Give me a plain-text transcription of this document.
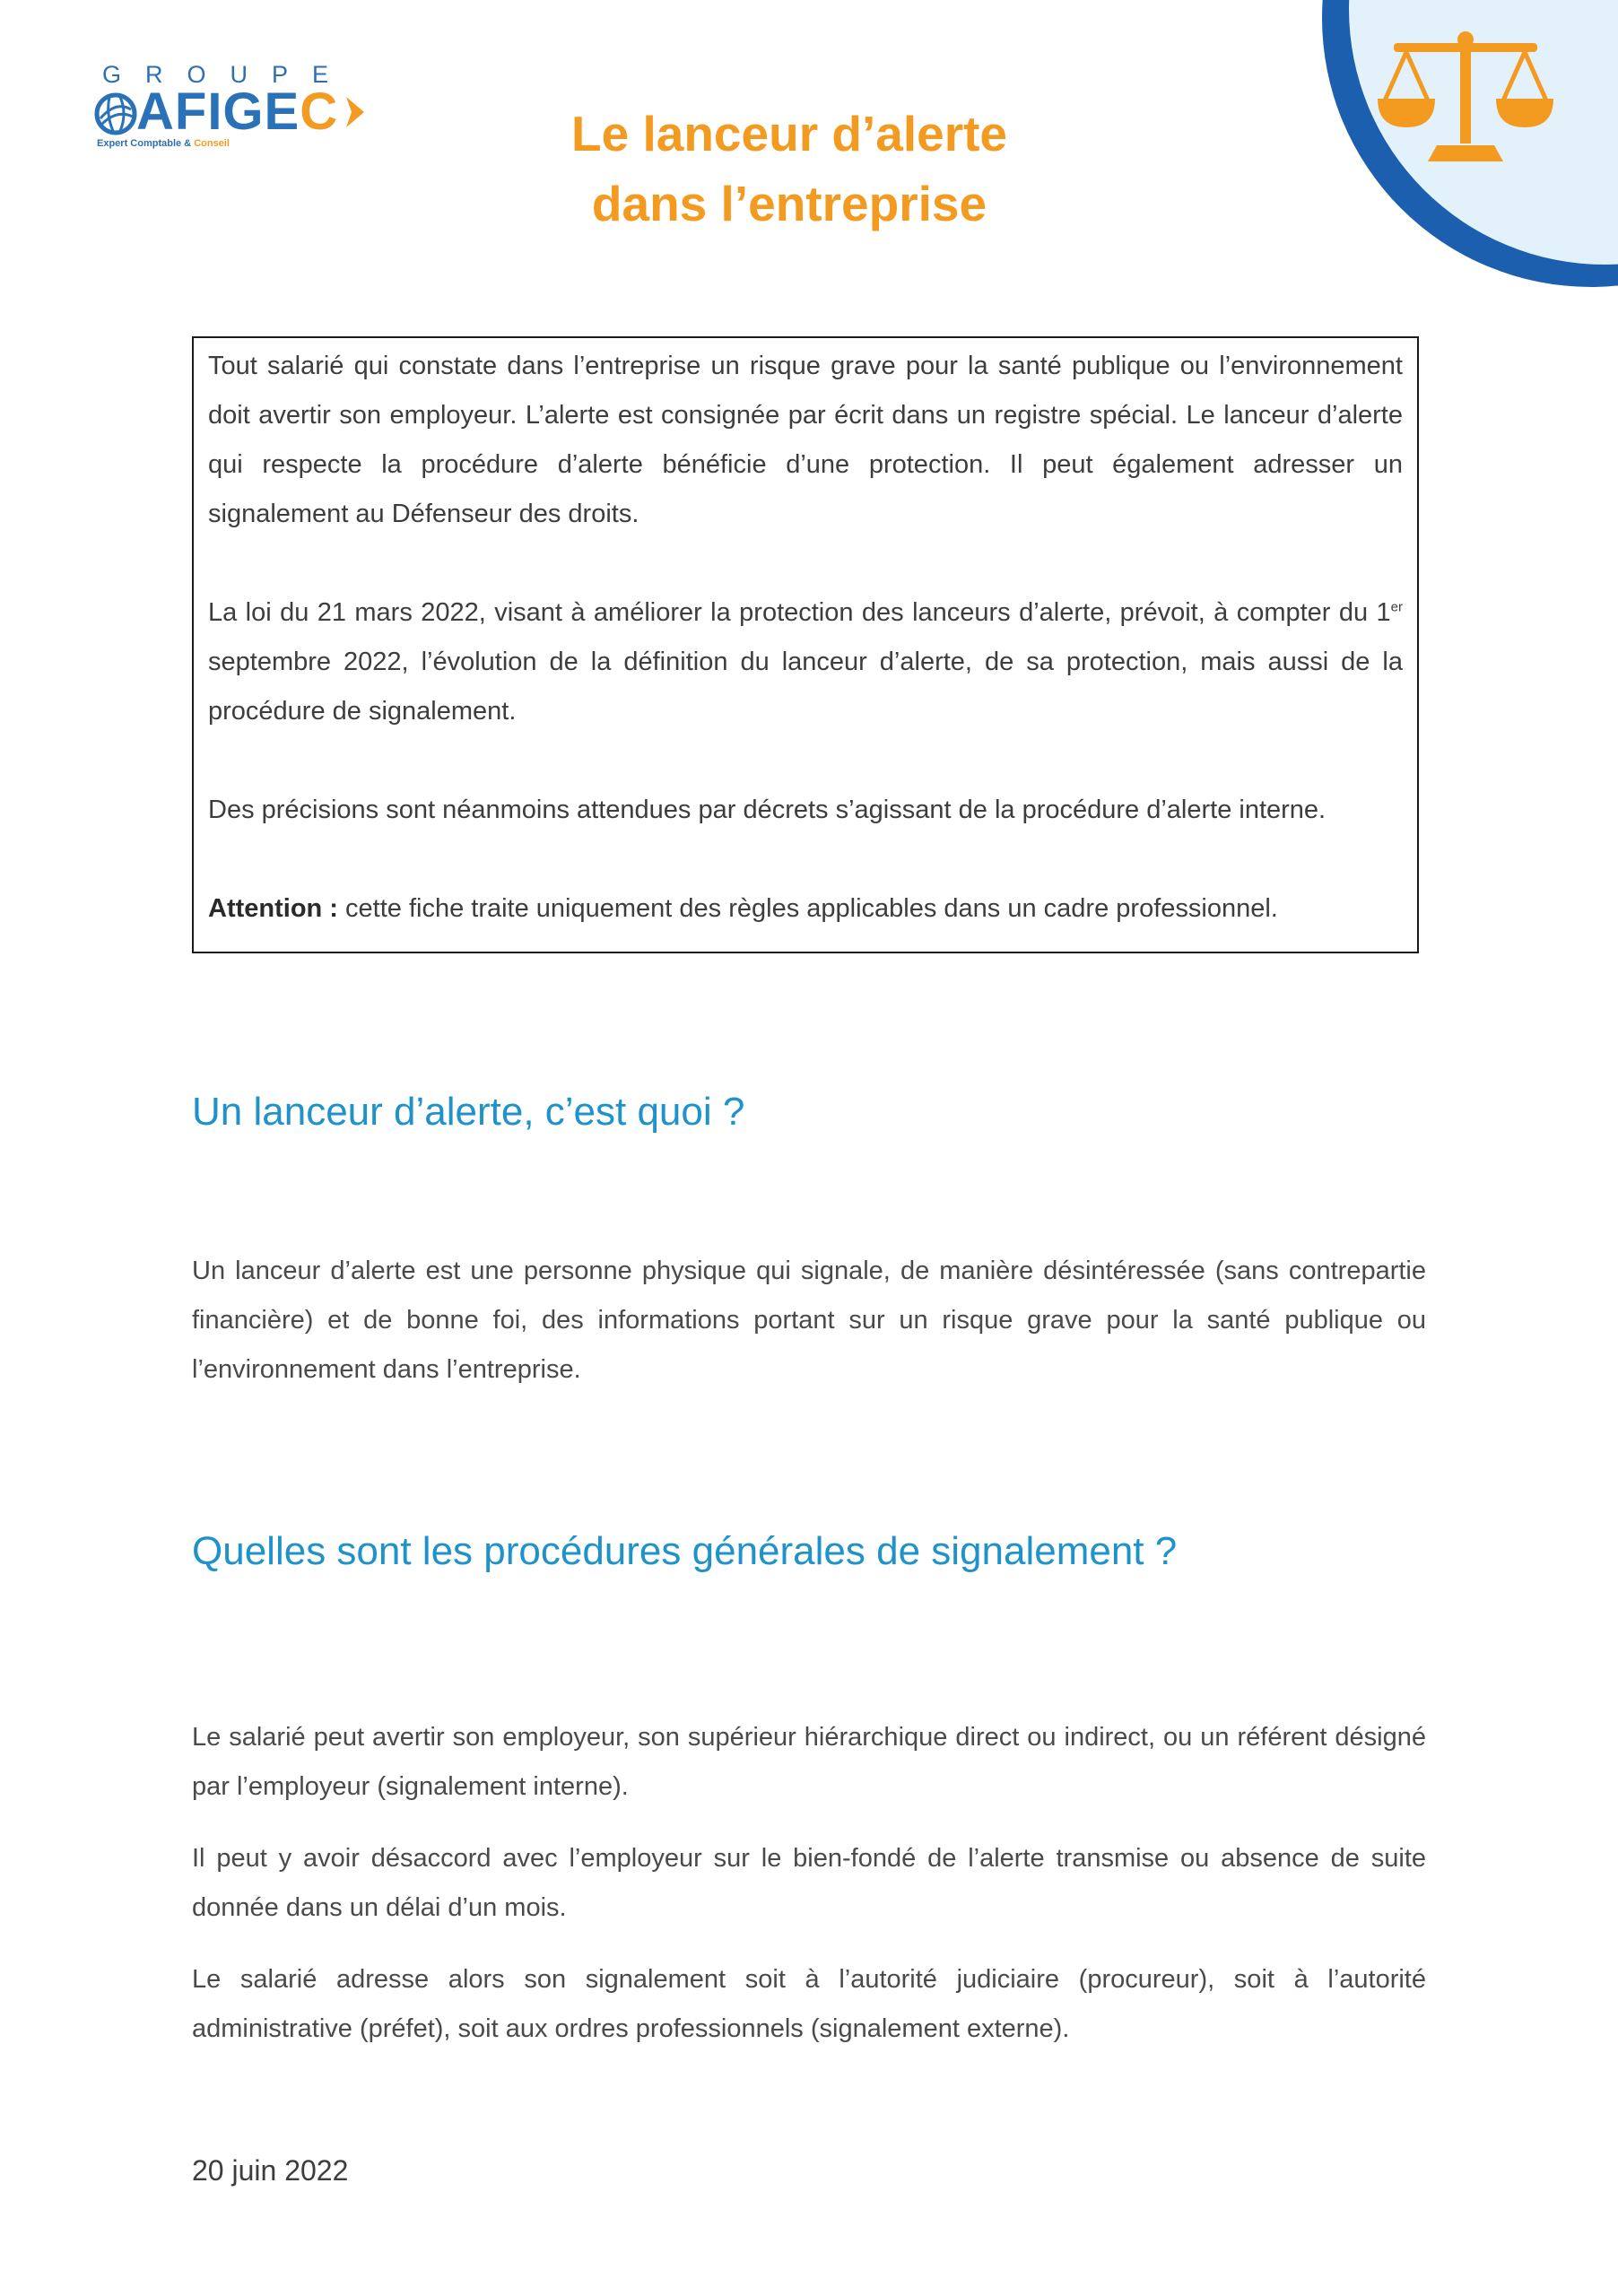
GROUPE
AFIGEC
Expert Comptable & Conseil	Le lanceur d’alerte
dans l’entreprise

Tout salarié qui constate dans l’entreprise un risque grave pour la santé publique ou l’environnement doit avertir son employeur. L’alerte est consignée par écrit dans un registre spécial. Le lanceur d’alerte qui respecte la procédure d’alerte bénéficie d’une protection. Il peut également adresser un signalement au Défenseur des droits.

La loi du 21 mars 2022, visant à améliorer la protection des lanceurs d’alerte, prévoit, à compter du 1er septembre 2022, l’évolution de la définition du lanceur d’alerte, de sa protection, mais aussi de la procédure de signalement.

Des précisions sont néanmoins attendues par décrets s’agissant de la procédure d’alerte interne.

Attention : cette fiche traite uniquement des règles applicables dans un cadre professionnel.

Un lanceur d’alerte, c’est quoi ?

Un lanceur d’alerte est une personne physique qui signale, de manière désintéressée (sans contrepartie financière) et de bonne foi, des informations portant sur un risque grave pour la santé publique ou l’environnement dans l’entreprise.

Quelles sont les procédures générales de signalement ?

Le salarié peut avertir son employeur, son supérieur hiérarchique direct ou indirect, ou un référent désigné par l’employeur (signalement interne).

Il peut y avoir désaccord avec l’employeur sur le bien-fondé de l’alerte transmise ou absence de suite donnée dans un délai d’un mois.

Le salarié adresse alors son signalement soit à l’autorité judiciaire (procureur), soit à l’autorité administrative (préfet), soit aux ordres professionnels (signalement externe).

20 juin 2022
